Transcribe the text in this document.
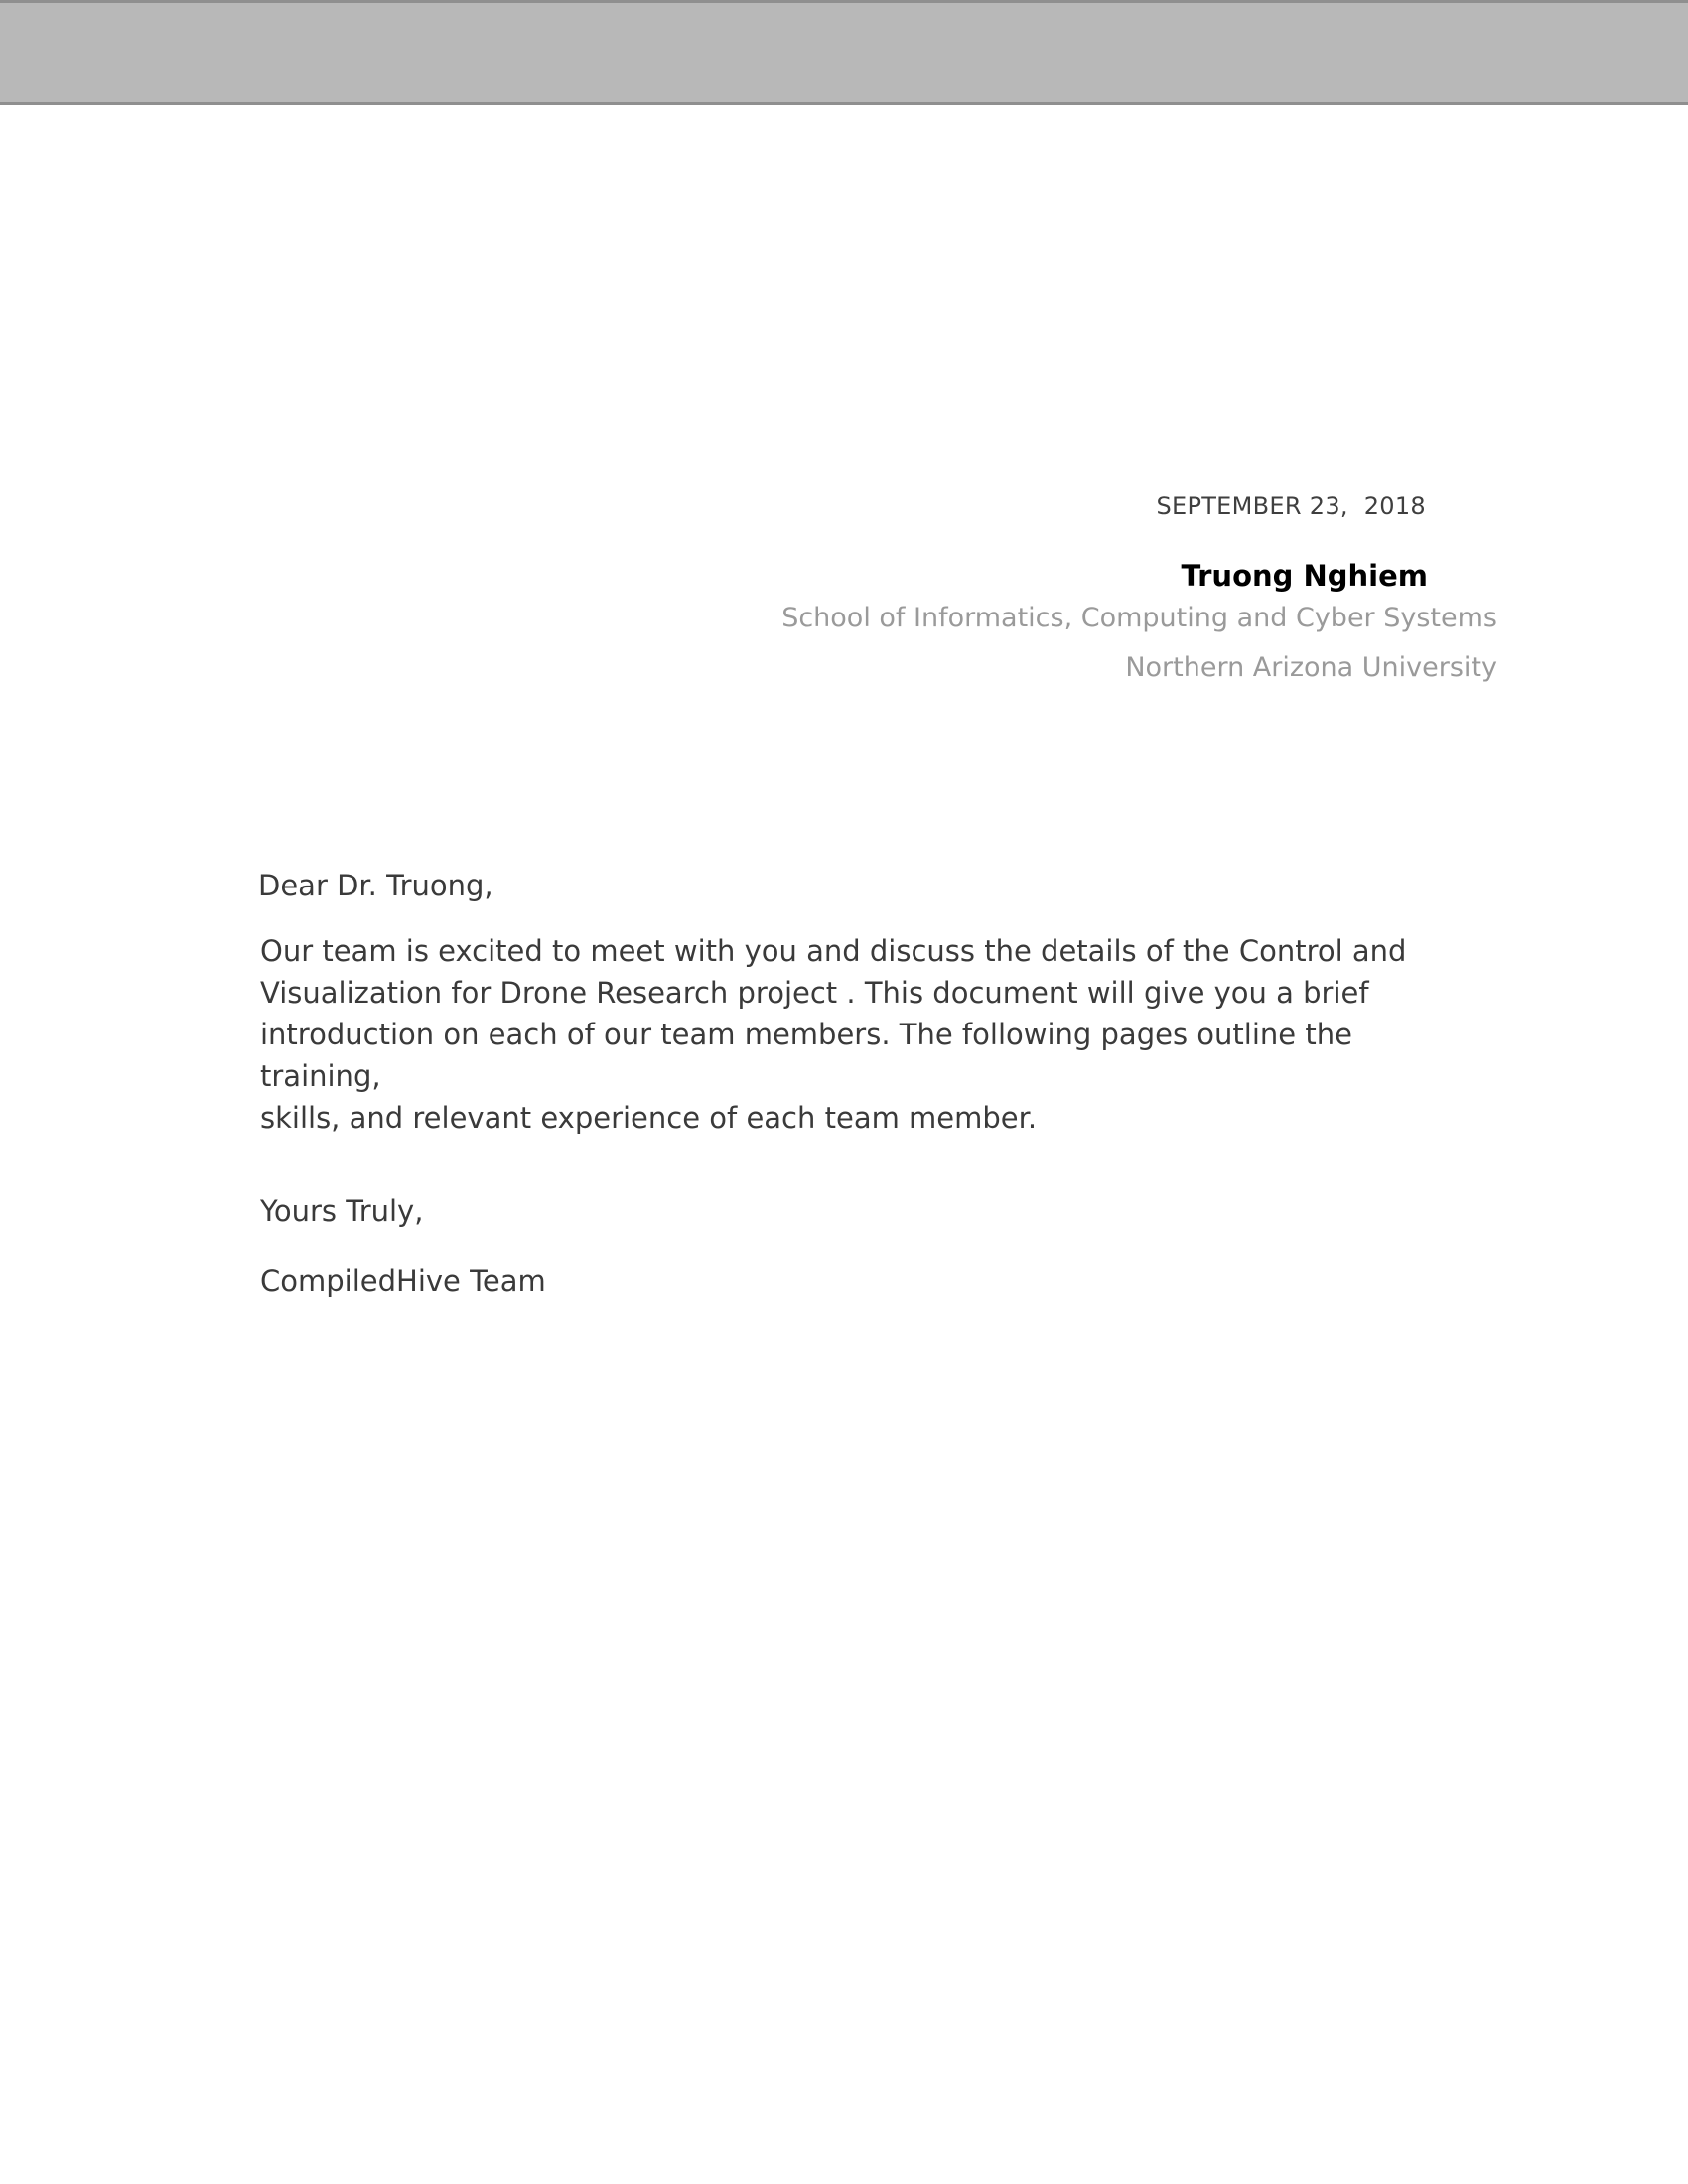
SEPTEMBER 23,  2018
Truong Nghiem
School of Informatics, Computing and Cyber Systems
Northern Arizona University
Dear Dr. Truong,
Our team is excited to meet with you and discuss the details of the Control and
Visualization for Drone Research project . This document will give you a brief
introduction on each of our team members. The following pages outline the training,
skills, and relevant experience of each team member.
Yours Truly,
CompiledHive Team
